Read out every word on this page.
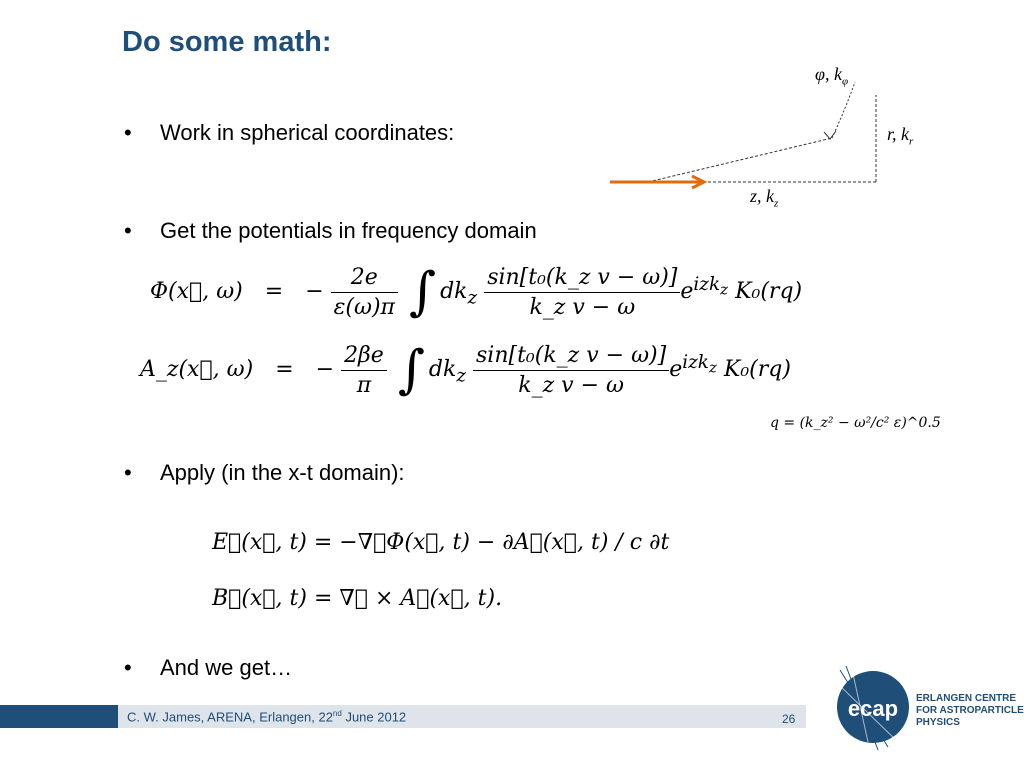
Do some math:
• Work in spherical coordinates:
• Get the potentials in frequency domain
• Apply (in the x-t domain):
• And we get…
φ, $k_\varphi$
r, $k_r$
z, $k_z$
Φ(x⃗, ω) = − $\frac{2e}{\varepsilon(\omega)\pi}$ ∫ $dk_z \frac{\text{sin[t₀(k\_z v − ω)]}}{\text{k\_z v − ω}} e^{izk_z}$ K₀(rq)
A_z(x⃗, ω) = − $\frac{2\beta e}{\pi}$ ∫ $dk_z \frac{\text{sin[t₀(k\_z v − ω)]}}{\text{k\_z v − ω}} e^{izk_z}$ K₀(rq)
q = (k_z² − ω²/c² ε)^0.5
E⃗(x⃗, t) = −∇⃗Φ(x⃗, t) − ∂A⃗(x⃗, t) / c ∂t
B⃗(x⃗, t) = ∇⃗ × A⃗(x⃗, t).
C. W. James, ARENA, Erlangen, 22nd June 2012	26 ecap ERLANGEN CENTRE
FOR ASTROPARTICLE
PHYSICS
